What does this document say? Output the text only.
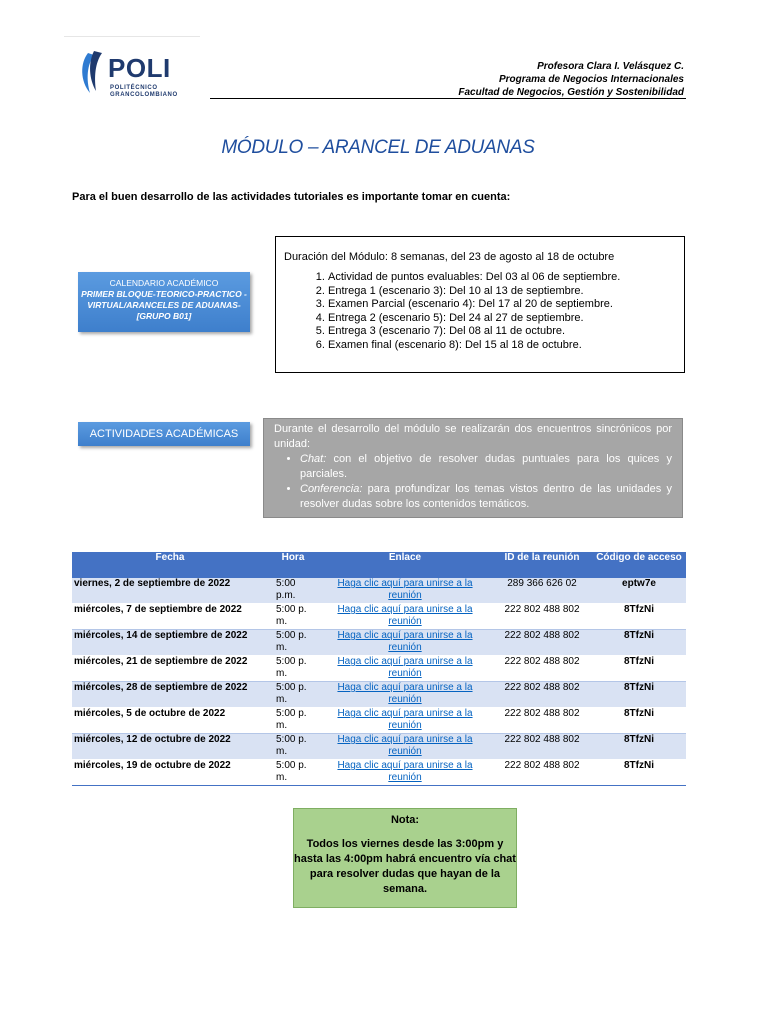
POLI
POLITÉCNICO
GRANCOLOMBIANO
Profesora Clara I. Velásquez C.
Programa de Negocios Internacionales
Facultad de Negocios, Gestión y Sostenibilidad
MÓDULO – ARANCEL DE ADUANAS
Para el buen desarrollo de las actividades tutoriales es importante tomar en cuenta:
CALENDARIO ACADÉMICO
PRIMER BLOQUE-TEORICO-PRACTICO - VIRTUAL/ARANCELES DE ADUANAS-[GRUPO B01]
Duración del Módulo: 8 semanas, del 23 de agosto al 18 de octubre
1. Actividad de puntos evaluables: Del 03 al 06 de septiembre.
2. Entrega 1 (escenario 3): Del 10 al 13 de septiembre.
3. Examen Parcial (escenario 4): Del 17 al 20 de septiembre.
4. Entrega 2 (escenario 5): Del 24 al 27 de septiembre.
5. Entrega 3 (escenario 7): Del 08 al 11 de octubre.
6. Examen final (escenario 8): Del 15 al 18 de octubre.
ACTIVIDADES ACADÉMICAS	Durante el desarrollo del módulo se realizarán dos encuentros sincrónicos por unidad:
• Chat: con el objetivo de resolver dudas puntuales para los quices y parciales.
• Conferencia: para profundizar los temas vistos dentro de las unidades y resolver dudas sobre los contenidos temáticos.
Fecha	Hora	Enlace	ID de la reunión	Código de acceso
viernes, 2 de septiembre de 2022	5:00 p.m.	Haga clic aquí para unirse a la reunión	289 366 626 02	eptw7e
miércoles, 7 de septiembre de 2022	5:00 p. m.	Haga clic aquí para unirse a la reunión	222 802 488 802	8TfzNi
miércoles, 14 de septiembre de 2022	5:00 p. m.	Haga clic aquí para unirse a la reunión	222 802 488 802	8TfzNi
miércoles, 21 de septiembre de 2022	5:00 p. m.	Haga clic aquí para unirse a la reunión	222 802 488 802	8TfzNi
miércoles, 28 de septiembre de 2022	5:00 p. m.	Haga clic aquí para unirse a la reunión	222 802 488 802	8TfzNi
miércoles, 5 de octubre de 2022	5:00 p. m.	Haga clic aquí para unirse a la reunión	222 802 488 802	8TfzNi
miércoles, 12 de octubre de 2022	5:00 p. m.	Haga clic aquí para unirse a la reunión	222 802 488 802	8TfzNi
miércoles, 19 de octubre de 2022	5:00 p. m.	Haga clic aquí para unirse a la reunión	222 802 488 802	8TfzNi
Nota:
Todos los viernes desde las 3:00pm y hasta las 4:00pm habrá encuentro vía chat para resolver dudas que hayan de la semana.
